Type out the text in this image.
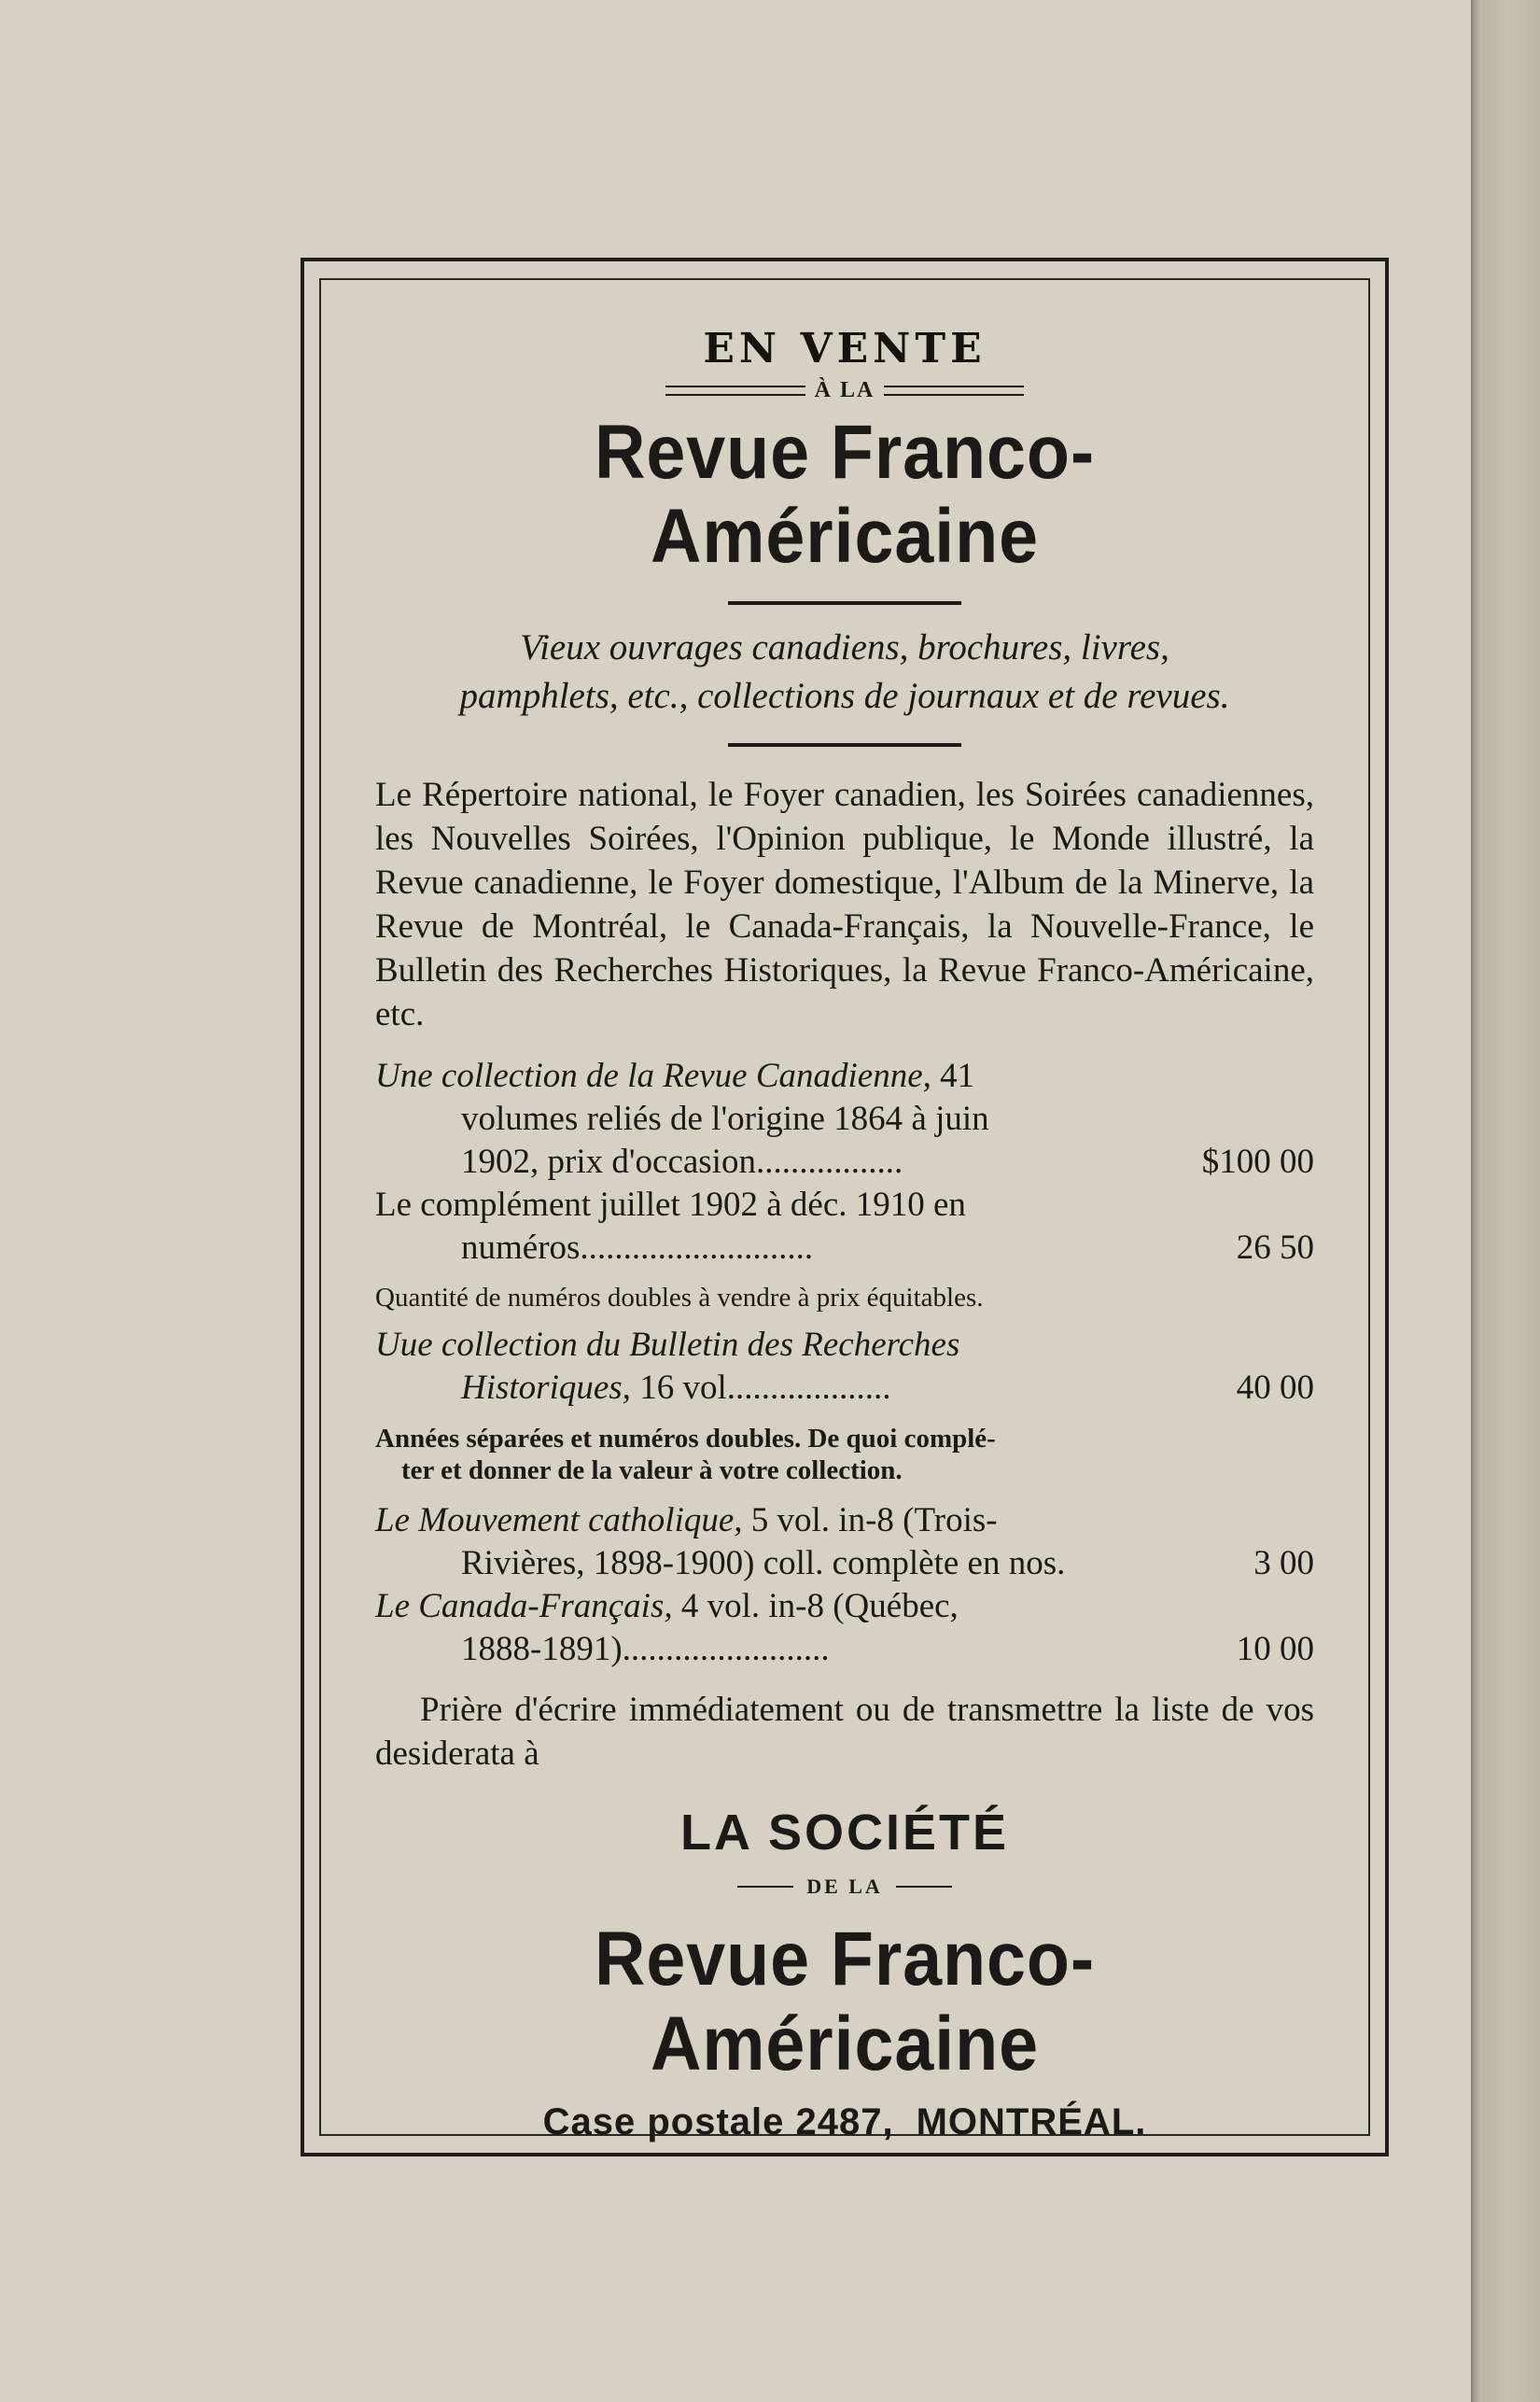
EN VENTE
À LA
Revue Franco-Américaine
Vieux ouvrages canadiens, brochures, livres,
pamphlets, etc., collections de journaux et de revues.
Le Répertoire national, le Foyer canadien, les Soirées canadiennes, les Nouvelles Soirées, l'Opinion publique, le Monde illustré, la Revue canadienne, le Foyer domestique, l'Album de la Minerve, la Revue de Montréal, le Canada-Français, la Nouvelle-France, le Bulletin des Recherches Historiques, la Revue Franco-Américaine, etc.
Une collection de la Revue Canadienne, 41
volumes reliés de l'origine 1864 à juin
1902, prix d'occasion.................	$100 00
Le complément juillet 1902 à déc. 1910 en
numéros...........................	26 50
Quantité de numéros doubles à vendre à prix équitables.
Uue collection du Bulletin des Recherches
Historiques, 16 vol...................	40 00
Années séparées et numéros doubles. De quoi complé-
ter et donner de la valeur à votre collection.
Le Mouvement catholique, 5 vol. in-8 (Trois-
Rivières, 1898-1900) coll. complète en nos.	3 00
Le Canada-Français, 4 vol. in-8 (Québec,
1888-1891)........................	10 00
Prière d'écrire immédiatement ou de transmettre la liste de vos desiderata à
LA SOCIÉTÉ
DE LA
Revue Franco-Américaine
Case postale 2487, MONTRÉAL.
